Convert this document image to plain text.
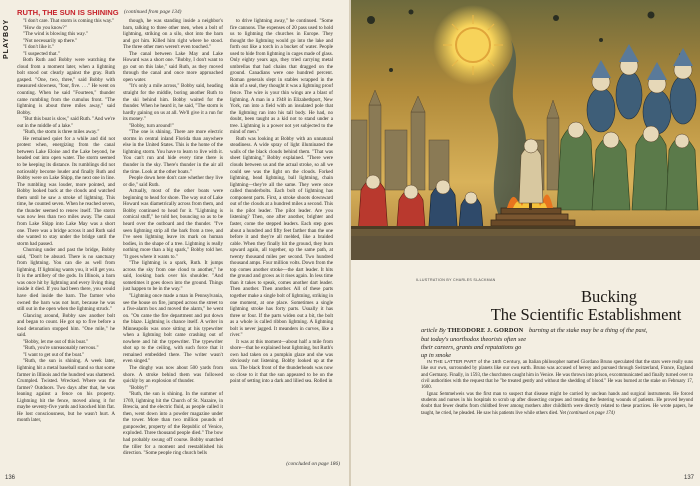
PLAYBOY
RUTH, THE SUN IS SHINING (continued from page 134)

"I don't care. That storm is coming this way."

"How do you know?"

"The wind is blowing this way."

"Not necessarily up there."

"I don't like it."

"I suspected that."

Both Ruth and Bobby were watching the cloud from a moment later, when a lightning bolt stood out clearly against the gray. Ruth gasped. "One, two, three," said Bobby with measured slowness, "four, five. . . ." He went on counting. When he said "Fourteen," thunder came rumbling from the cumulus front. "The lightning is about three miles away," said Bobby.

"But this boat is slow," said Ruth. "And we're out in the middle of a lake."

"Ruth, the storm is three miles away."

He remained quiet for a while and did not protest when, energizing from the canal between Lake Eloise and the Lake beyond, he headed out into open water. The storm seemed to be keeping its distance. Its rumblings did not noticeably become louder and finally Ruth and Bobby were on Lake Shipp, the next one in line. The rumbling was louder, more pointed, and Bobby looked back at the clouds and watched them until he saw a stroke of lightning. This time, he counted seven. When he reached seven, the thunder seemed to renew itself. The storm was now less than two miles away. The canal from Lake Shipp into Lake May was a short one. There was a bridge across it and Ruth said she wanted to stay under the bridge until the storm had passed.

Churning under and past the bridge, Bobby said, "Don't be absurd. There is no sanctuary from lightning. You can die as well from lightning. If lightning wants you, it will get you. It is the artillery of the gods. In Illinois, a barn was once hit by lightning and every living thing inside it died. If you had been there, you would have died inside the barn. The farmer who owned the barn was not hurt, because he was still out in the open when the lightning struck."

Glancing around, Bobby saw another bolt and began to count. He got up to five before a loud detonation stopped him. "One mile," he said.

"Bobby, let me out of this boat."

"Ruth, you're unreasonably nervous."

"I want to get out of the boat."

"Ruth, the sun is shining. A week later, lightning hit a metal baseball stand so that some farmer in Illinois and the hundred was shattered. Crumpled. Twisted. Wrecked. Where was the farmer? Outdoors. Two days after that, he was leaning against a fence on his property. Lightning hit the fence, moved along it for maybe seventy-five yards and knocked him flat. He lost consciousness, but he wasn't hurt. A month later,

though, he was standing inside a neighbor's barn, talking to three other men, when a bolt of lightning, striking on a silo, shot into the barn and got him. Killed him right where he stood. The three other men weren't even touched."

The canal between Lake May and Lake Howard was a short one. "Bobby, I don't want to go out on this lake," said Ruth, as they moved through the canal and once more approached open water.

"It's only a mile across," Bobby said, heading straight for the middle, boring another Ruth to the ski behind him. Bobby waited for the thunder. When he heard it, he said, "The storm is hardly gaining on us at all. We'll give it a run for its money."

"Bobby, turn around!"

"The one is shining. There are more electric storms in central inland Florida than anywhere else in the United States. This is the home of the lightning storm. You have to learn to live with it. You can't run and hide every time there is thunder in the sky. There's thunder in the air all the time. Look at the other boats."

People down here don't care whether they live or die," said Ruth.

Actually, most of the other boats were beginning to head for shore. The way out of Lake Howard was diametrically across from them, and Bobby continued to head for it. "Lightning is comical stuff," he told her, bouncing so as to be heard over the outboard and the thunder. "I've seen lightning strip all the bark from a tree, and I've seen lightning leave its mark on human bodies, in the shape of a tree. Lightning is really nothing more than a big spark," Bobby told her. "It goes where it wants to."

"The lightning is a spark, Ruth. It jumps across the sky from one cloud to another," he said, looking back over his shoulder. "And sometimes it goes down into the ground. Things just happen to be in the way."

"Lightning once made a man in Pennsylvania, see the house on fire, jumped across the street to a five-alarm box and moved the alarm," he went on. "On came the fire department and put down the blaze. Lightning is chance itself. A writer in Minneapolis was once sitting at his typewriter when a lightning bolt came crashing out of nowhere and hit the typewriter. The typewriter shot up to the ceiling, with such force that it remained embedded there. The writer wasn't even singed."

The dinghy was now about 500 yards from shore. A stroke behind them was followed quickly by an explosion of thunder.

"Bobby!"

"Ruth, the sun is shining. In the summer of 1769, lightning hit the Church of St. Nazaire, in Brescia, and the electric fluid, as people called it then, went down into a powder magazine under the tower. More than two million pounds of gunpowder, property of the Republic of Venice, exploded. Three thousand people died." The bow had probably swung off course. Bobby snatched the tiller for a moment and reestablished his direction. "Some people ring church bells

to drive lightning away," he continued. "Some fire cannons. The expenses of 20 pass used to hold us to lightning the churches in Europe. They thought the lightning would go into the lake and forth out like a torch in a bucket of water. People used to hide from lightning in cages made of glass. Only eighty years ago, they tried carrying metal umbrellas that had chains that dragged on the ground. Canadians were one hundred percent. Roman generals slept in stables wrapped in the skin of a seal, they thought it was a lightning proof fence. The wire is your thin wings are a blast of lightning. A man in a 1948 in Elizabethport, New York, ran into a field with an insulated pole that the lightning ran into his tall body. He had, no doubt, been taught as a kid not to stand under a tree. Lightning is a power not yet subjected to the mind of men."

Ruth was looking at Bobby with an unnatural steadiness. A wide spray of light illuminated the walls of the black clouds behind them. "That was sheet lightning," Bobby explained. "There were clouds between us and the actual stroke, so all we could see was the light on the clouds. Forked lightning, bead lightning, ball lightning, chain lightning—they're all the same. They were once called thunderbolts. Each bolt of lightning has component parts. First, a stroke shoots downward out of the clouds at a hundred miles a second. This is the pilot leader. The pilot leader. Are you listening? Then, one after another, brighter and faster, come the stepped leaders. Each step goes about a hundred and fifty feet farther than the one before it and they're all melded, like a braided cable. When they finally hit the ground, they burn upward again, all together, up the same path, at twenty thousand miles per second. Two hundred thousand amps. Four million volts. Down from the top comes another stroke—the dart leader. It hits the ground and grows as it rises again. In less time than it takes to speak, comes another dart leader. Then another. Then another. All of these parts together make a single bolt of lightning, striking in one moment, at one place. Sometimes a single lightning stroke has forty parts. Usually it has three or four. If the parts widen out a bit, the bolt as a whole is called ribbon lightning. A lightning bolt is never jagged. It meanders in curves, like a river."

It was at this moment—about half a mile from shore—that he explained heat lightning, but Ruth's own had taken on a pumpkin glaze and she was obviously not listening. Bobby looked up at the sun. The black front of the thunderheads was now so close to it that the sun appeared to be on the point of setting into a dark and lilied sea. Rolled in

(concluded on page 186)
136
ILLUSTRATION BY CHARLES SLACKMAN
Bucking
The Scientific Establishment
article By THEODORE J. GORDON burning at the stake may be a thing of the past,
but today's unorthodox theorists often see their careers, grants and reputations go up in smoke

IN THE LATTER PART of the 16th Century, an Italian philosopher named Giordano Bruno speculated that the stars were really suns like our own, surrounded by planets like our own earth. Bruno was accused of heresy and pursued through Switzerland, France, England and Germany. Finally, in 1593, the churchmen caught him in Venice. He was thrown into prison, excommunicated and finally turned over to civil authorities with the request that he "be treated gently and without the shedding of blood." He was burned at the stake on February 17, 1600.

Ignaz Semmelweis was the first man to suspect that disease might be carried by unclean hands and surgical instruments. He forced students and nurses in his hospitals to scrub up after dissecting corpses and treating the festering wounds of patients. He proved beyond doubt that fewer deaths from childbed fever among mothers after childbirth were directly related to these practices. He wrote papers, he taught, he cried, he pleaded. He saw his patients live while others died. Yet (continued on page 174)

137
